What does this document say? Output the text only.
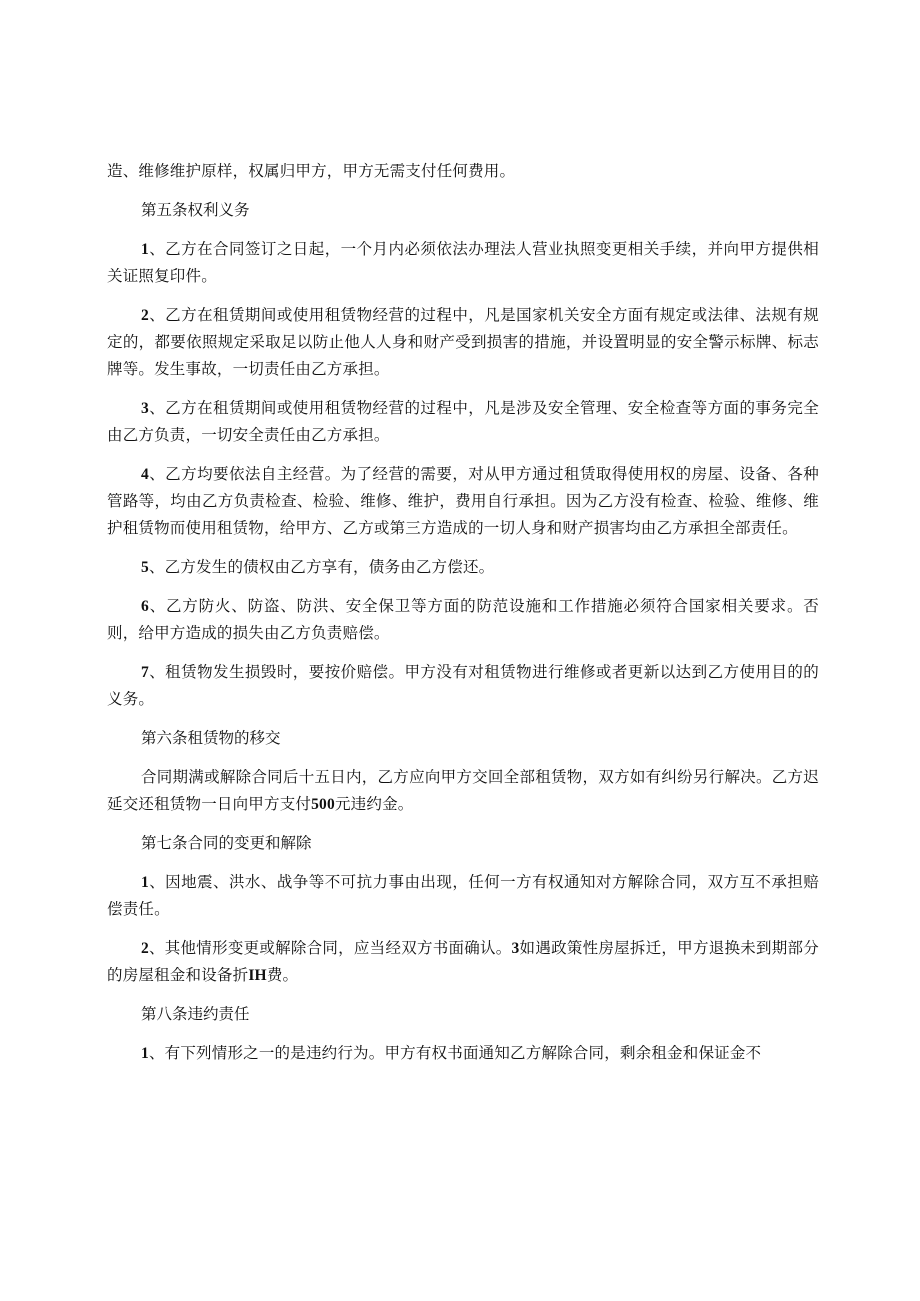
造、维修维护原样，权属归甲方，甲方无需支付任何费用。

第五条权利义务

1、乙方在合同签订之日起，一个月内必须依法办理法人营业执照变更相关手续，并向甲方提供相关证照复印件。

2、乙方在租赁期间或使用租赁物经营的过程中，凡是国家机关安全方面有规定或法律、法规有规定的，都要依照规定采取足以防止他人人身和财产受到损害的措施，并设置明显的安全警示标牌、标志牌等。发生事故，一切责任由乙方承担。

3、乙方在租赁期间或使用租赁物经营的过程中，凡是涉及安全管理、安全检查等方面的事务完全由乙方负责，一切安全责任由乙方承担。

4、乙方均要依法自主经营。为了经营的需要，对从甲方通过租赁取得使用权的房屋、设备、各种管路等，均由乙方负责检查、检验、维修、维护，费用自行承担。因为乙方没有检查、检验、维修、维护租赁物而使用租赁物，给甲方、乙方或第三方造成的一切人身和财产损害均由乙方承担全部责任。

5、乙方发生的债权由乙方享有，债务由乙方偿还。

6、乙方防火、防盗、防洪、安全保卫等方面的防范设施和工作措施必须符合国家相关要求。否则，给甲方造成的损失由乙方负责赔偿。

7、租赁物发生损毁时，要按价赔偿。甲方没有对租赁物进行维修或者更新以达到乙方使用目的的义务。

第六条租赁物的移交

合同期满或解除合同后十五日内，乙方应向甲方交回全部租赁物，双方如有纠纷另行解决。乙方迟延交还租赁物一日向甲方支付500元违约金。

第七条合同的变更和解除

1、因地震、洪水、战争等不可抗力事由出现，任何一方有权通知对方解除合同，双方互不承担赔偿责任。

2、其他情形变更或解除合同，应当经双方书面确认。3如遇政策性房屋拆迁，甲方退换未到期部分的房屋租金和设备折IH费。

第八条违约责任

1、有下列情形之一的是违约行为。甲方有权书面通知乙方解除合同，剩余租金和保证金不
